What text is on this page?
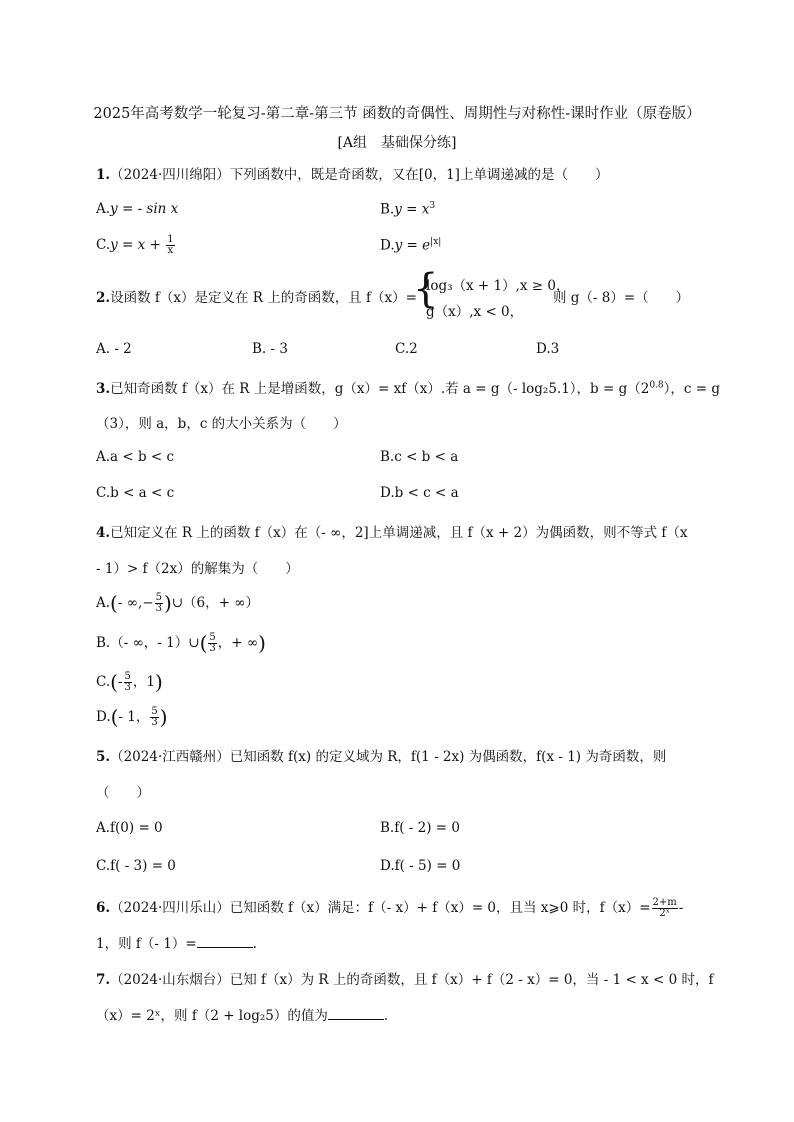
2025年高考数学一轮复习-第二章-第三节 函数的奇偶性、周期性与对称性-课时作业（原卷版）
[A组　基础保分练]
1.（2024·四川绵阳）下列函数中，既是奇函数，又在[0，1]上单调递减的是（　　）
A.y = - sin x	$B.y = x^3$
$C.y = x + \frac{1}{x}$	$D.y = e^{|x|}$
2.设函数 f（x）是定义在 R 上的奇函数，且 f（x）=
{
log₃（x + 1）,x ≥ 0，
g（x）,x < 0，
则 g（- 8）=（　　）
A. - 2	B. - 3	C.2	D.3
3.已知奇函数 f（x）在 R 上是增函数，g（x）= xf（x）.若 a = g（- log₂5.1），$b = g(2^{0.8})$，c = g
（3），则 a，b，c 的大小关系为（　　）
A.a < b < c	B.c < b < a
C.b < a < c	D.b < c < a
4.已知定义在 R 上的函数 f（x）在（- ∞，2]上单调递减，且 f（x + 2）为偶函数，则不等式 f（x
- 1）> f（2x）的解集为（　　）
A.(- ∞,− $\frac{5}{3}$ )∪（6，+ ∞）
B.（- ∞，- 1）∪( $\frac{5}{3}$ ，+ ∞)
$C.(- \frac{5}{3}$ ，1)
D.(- 1， $\frac{5}{3}$ )
5.（2024·江西赣州）已知函数 f(x) 的定义域为 R，f(1 - 2x) 为偶函数，f(x - 1) 为奇函数，则
（　　）
A.f(0) = 0	B.f( - 2) = 0
C.f( - 3) = 0	D.f( - 5) = 0
6.（2024·四川乐山）已知函数 f（x）满足：f（- x）+ f（x）= 0，且当 x⩾0 时，$f(x)= \frac{2+m}{\text{2ˣ}}$ -
1，则 f（- 1）=	.
7.（2024·山东烟台）已知 f（x）为 R 上的奇函数，且 f（x）+ f（2 - x）= 0，当 - 1 < x < 0 时，f
（x）= 2ˣ，则 f（2 + log₂5）的值为	.
